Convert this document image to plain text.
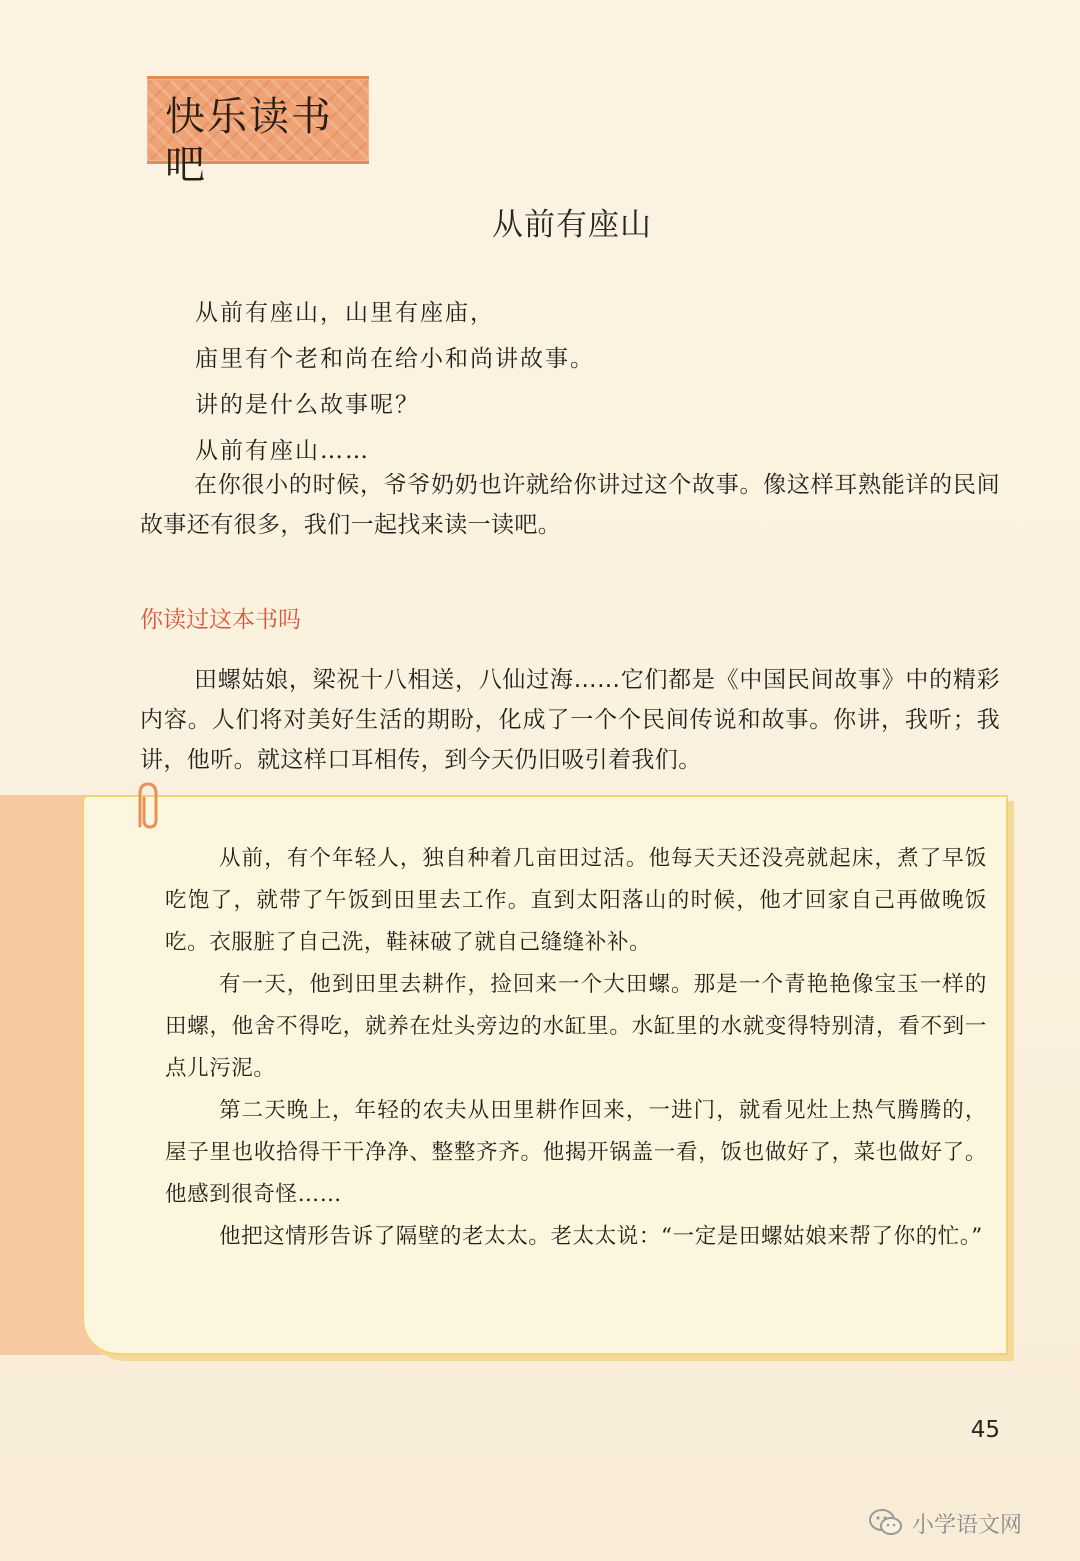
快乐读书吧
从前有座山
从前有座山，山里有座庙，
庙里有个老和尚在给小和尚讲故事。
讲的是什么故事呢？
从前有座山……
在你很小的时候，爷爷奶奶也许就给你讲过这个故事。像这样耳熟能详的民间故事还有很多，我们一起找来读一读吧。
你读过这本书吗
田螺姑娘，梁祝十八相送，八仙过海……它们都是《中国民间故事》中的精彩内容。人们将对美好生活的期盼，化成了一个个民间传说和故事。你讲，我听；我讲，他听。就这样口耳相传，到今天仍旧吸引着我们。

从前，有个年轻人，独自种着几亩田过活。他每天天还没亮就起床，煮了早饭吃饱了，就带了午饭到田里去工作。直到太阳落山的时候，他才回家自己再做晚饭吃。衣服脏了自己洗，鞋袜破了就自己缝缝补补。

有一天，他到田里去耕作，捡回来一个大田螺。那是一个青艳艳像宝玉一样的田螺，他舍不得吃，就养在灶头旁边的水缸里。水缸里的水就变得特别清，看不到一点儿污泥。

第二天晚上，年轻的农夫从田里耕作回来，一进门，就看见灶上热气腾腾的，屋子里也收拾得干干净净、整整齐齐。他揭开锅盖一看，饭也做好了，菜也做好了。他感到很奇怪……

他把这情形告诉了隔壁的老太太。老太太说：“一定是田螺姑娘来帮了你的忙。”

45
小学语文网
